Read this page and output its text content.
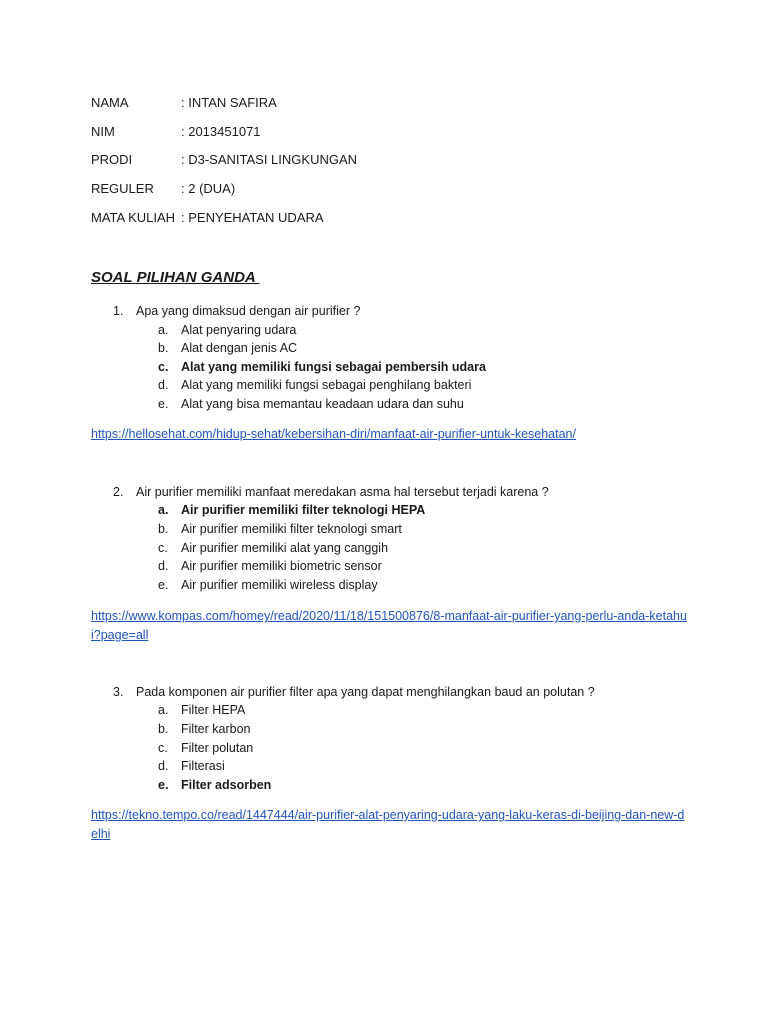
NAMA	: INTAN SAFIRA
NIM	: 2013451071
PRODI	: D3-SANITASI LINGKUNGAN
REGULER : 2 (DUA)
MATA KULIAH : PENYEHATAN UDARA
SOAL PILIHAN GANDA
1. Apa yang dimaksud dengan air purifier ?
a. Alat penyaring udara
b. Alat dengan jenis AC
c. Alat yang memiliki fungsi sebagai pembersih udara
d. Alat yang memiliki fungsi sebagai penghilang bakteri
e. Alat yang bisa memantau keadaan udara dan suhu
https://hellosehat.com/hidup-sehat/kebersihan-diri/manfaat-air-purifier-untuk-kesehatan/
2. Air purifier memiliki manfaat meredakan asma hal tersebut terjadi karena ?
a. Air purifier memiliki filter teknologi HEPA
b. Air purifier memiliki filter teknologi smart
c. Air purifier memiliki alat yang canggih
d. Air purifier memiliki biometric sensor
e. Air purifier memiliki wireless display
https://www.kompas.com/homey/read/2020/11/18/151500876/8-manfaat-air-purifier-yang-perlu-anda-ketahui?page=all
3. Pada komponen air purifier filter apa yang dapat menghilangkan baud an polutan ?
a. Filter HEPA
b. Filter karbon
c. Filter polutan
d. Filterasi
e. Filter adsorben
https://tekno.tempo.co/read/1447444/air-purifier-alat-penyaring-udara-yang-laku-keras-di-beijing-dan-new-delhi
